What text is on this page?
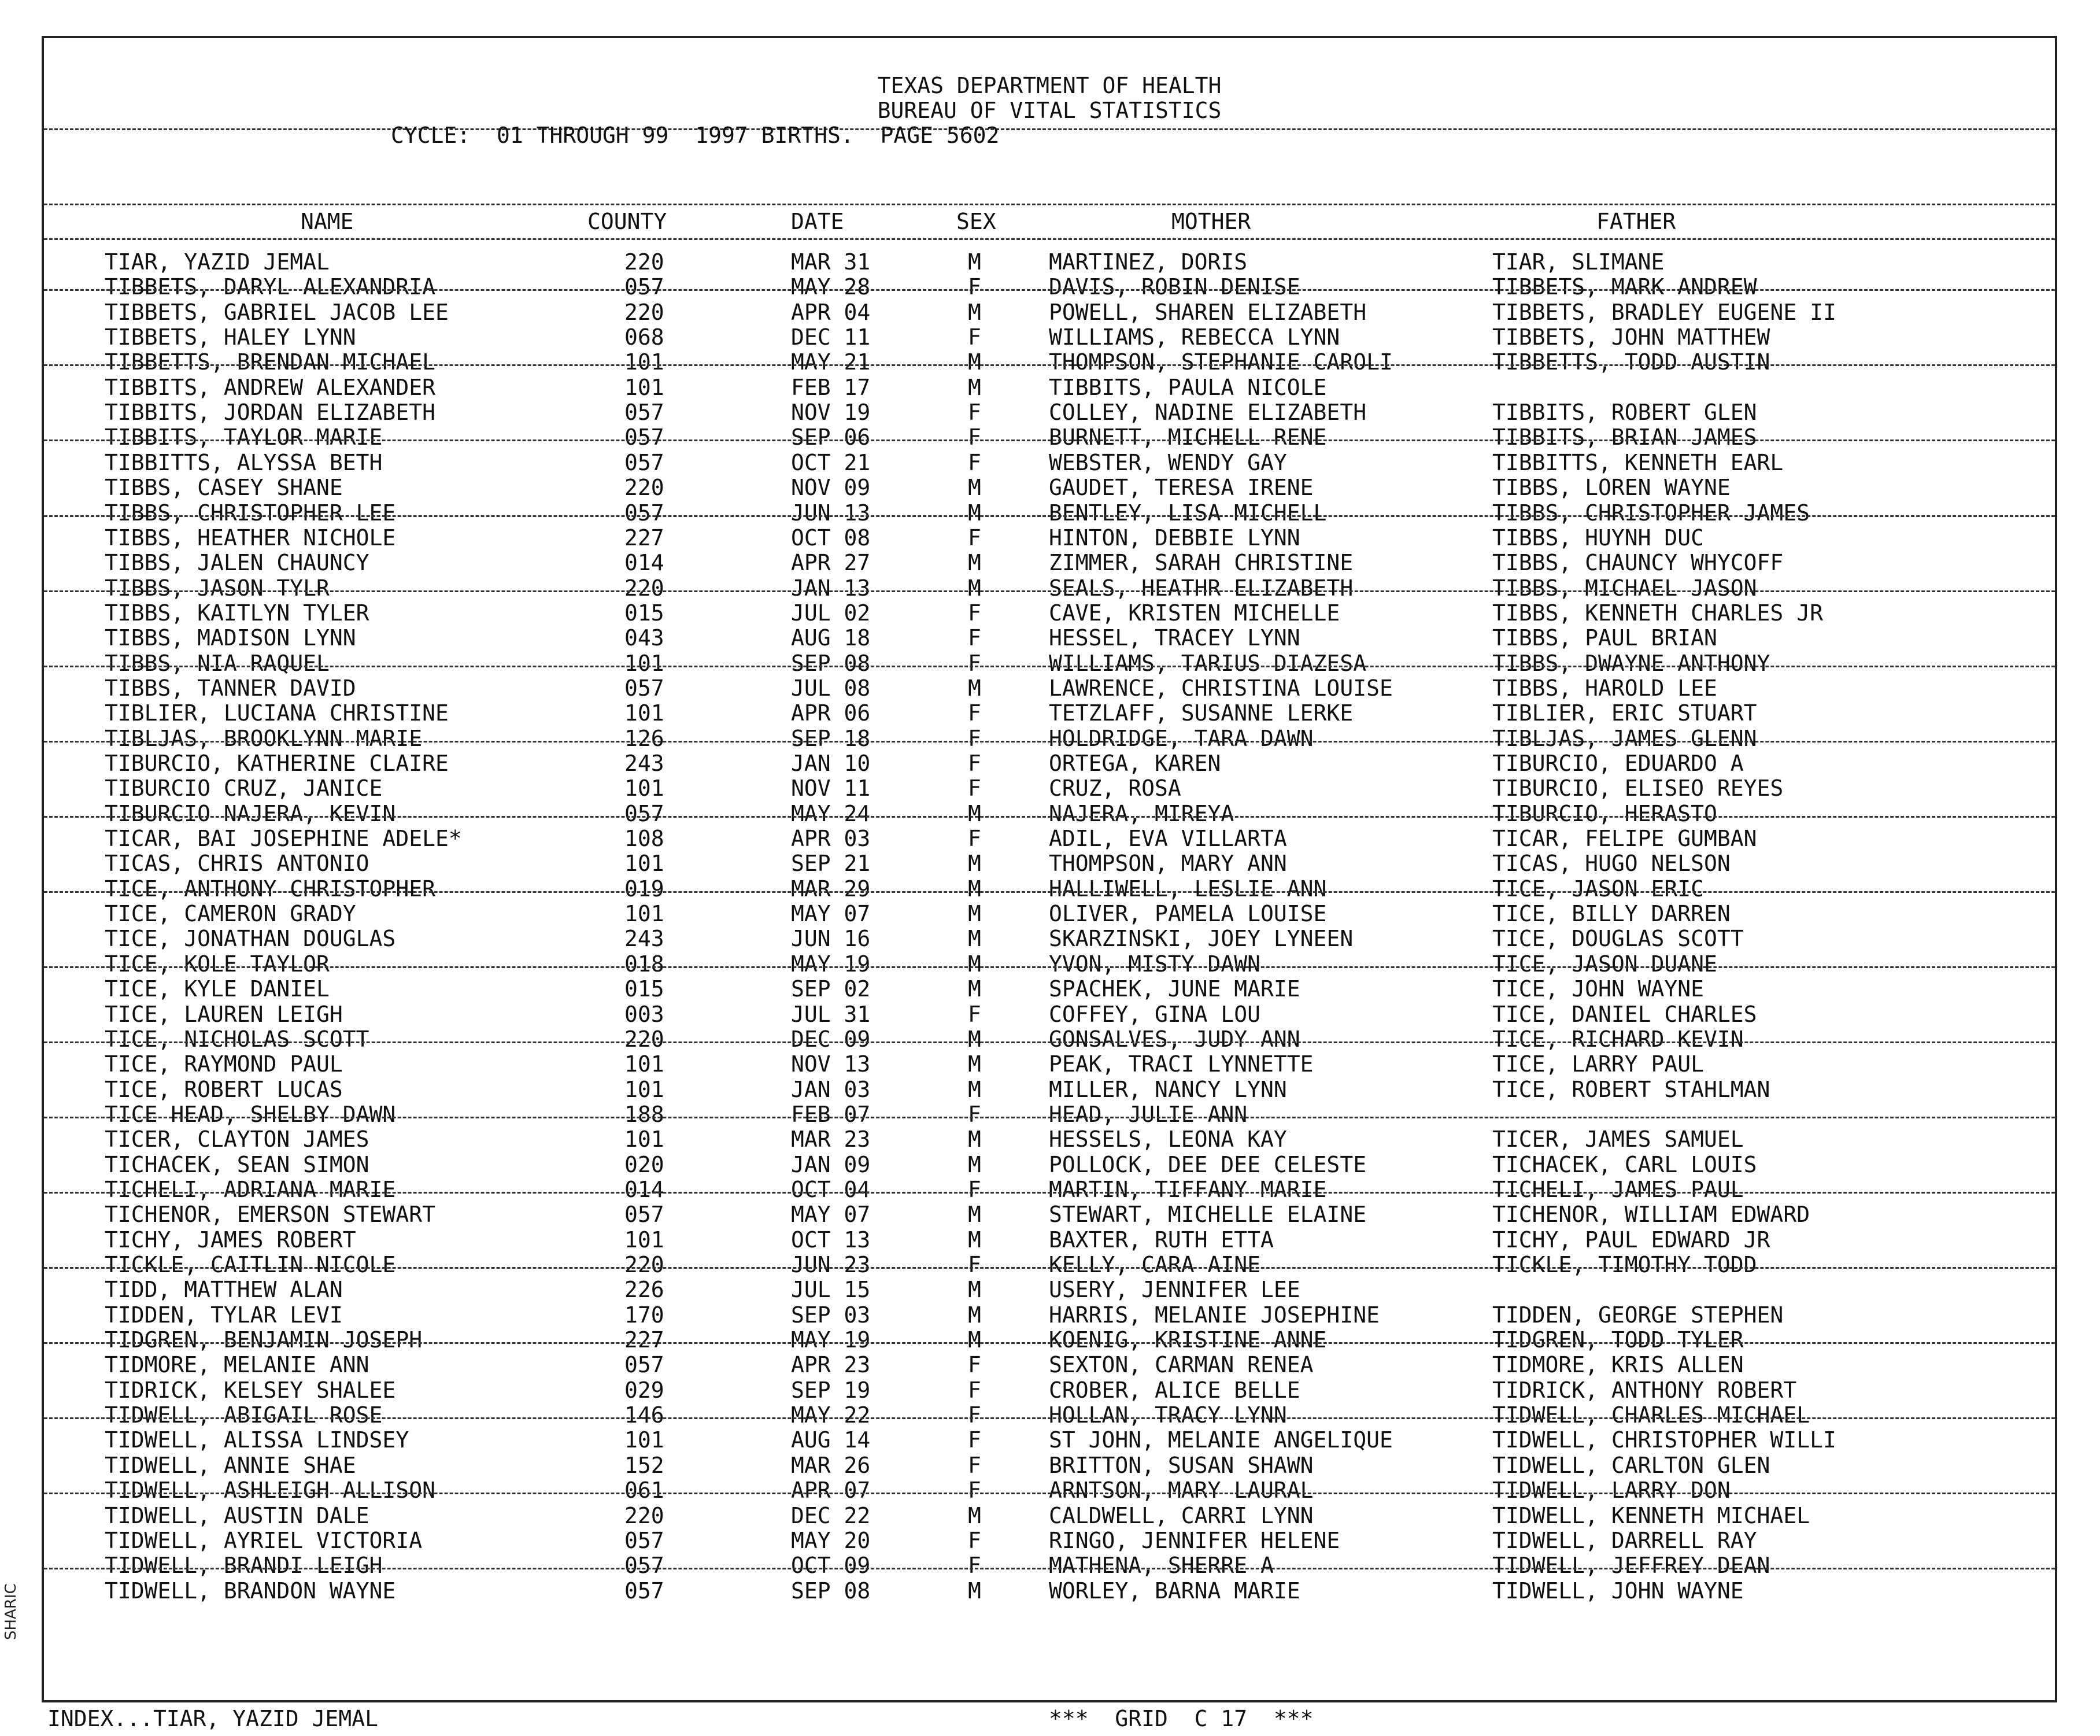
SHARIC
TEXAS DEPARTMENT OF HEALTH
BUREAU OF VITAL STATISTICS
CYCLE:  01 THROUGH 99  1997 BIRTHS.  PAGE 5602
NAME	COUNTY	DATE	SEX	MOTHER	FATHER
TIAR, YAZID JEMAL	220	MAR 31	M	MARTINEZ, DORIS	TIAR, SLIMANE
TIBBETS, DARYL ALEXANDRIA	057	MAY 28	F	DAVIS, ROBIN DENISE	TIBBETS, MARK ANDREW
TIBBETS, GABRIEL JACOB LEE	220	APR 04	M	POWELL, SHAREN ELIZABETH	TIBBETS, BRADLEY EUGENE II
TIBBETS, HALEY LYNN	068	DEC 11	F	WILLIAMS, REBECCA LYNN	TIBBETS, JOHN MATTHEW
TIBBETTS, BRENDAN MICHAEL	101	MAY 21	M	THOMPSON, STEPHANIE CAROLI	TIBBETTS, TODD AUSTIN
TIBBITS, ANDREW ALEXANDER	101	FEB 17	M	TIBBITS, PAULA NICOLE
TIBBITS, JORDAN ELIZABETH	057	NOV 19	F	COLLEY, NADINE ELIZABETH	TIBBITS, ROBERT GLEN
TIBBITS, TAYLOR MARIE	057	SEP 06	F	BURNETT, MICHELL RENE	TIBBITS, BRIAN JAMES
TIBBITTS, ALYSSA BETH	057	OCT 21	F	WEBSTER, WENDY GAY	TIBBITTS, KENNETH EARL
TIBBS, CASEY SHANE	220	NOV 09	M	GAUDET, TERESA IRENE	TIBBS, LOREN WAYNE
TIBBS, CHRISTOPHER LEE	057	JUN 13	M	BENTLEY, LISA MICHELL	TIBBS, CHRISTOPHER JAMES
TIBBS, HEATHER NICHOLE	227	OCT 08	F	HINTON, DEBBIE LYNN	TIBBS, HUYNH DUC
TIBBS, JALEN CHAUNCY	014	APR 27	M	ZIMMER, SARAH CHRISTINE	TIBBS, CHAUNCY WHYCOFF
TIBBS, JASON TYLR	220	JAN 13	M	SEALS, HEATHR ELIZABETH	TIBBS, MICHAEL JASON
TIBBS, KAITLYN TYLER	015	JUL 02	F	CAVE, KRISTEN MICHELLE	TIBBS, KENNETH CHARLES JR
TIBBS, MADISON LYNN	043	AUG 18	F	HESSEL, TRACEY LYNN	TIBBS, PAUL BRIAN
TIBBS, NIA RAQUEL	101	SEP 08	F	WILLIAMS, TARIUS DIAZESA	TIBBS, DWAYNE ANTHONY
TIBBS, TANNER DAVID	057	JUL 08	M	LAWRENCE, CHRISTINA LOUISE	TIBBS, HAROLD LEE
TIBLIER, LUCIANA CHRISTINE	101	APR 06	F	TETZLAFF, SUSANNE LERKE	TIBLIER, ERIC STUART
TIBLJAS, BROOKLYNN MARIE	126	SEP 18	F	HOLDRIDGE, TARA DAWN	TIBLJAS, JAMES GLENN
TIBURCIO, KATHERINE CLAIRE	243	JAN 10	F	ORTEGA, KAREN	TIBURCIO, EDUARDO A
TIBURCIO CRUZ, JANICE	101	NOV 11	F	CRUZ, ROSA	TIBURCIO, ELISEO REYES
TIBURCIO NAJERA, KEVIN	057	MAY 24	M	NAJERA, MIREYA	TIBURCIO, HERASTO
TICAR, BAI JOSEPHINE ADELE*	108	APR 03	F	ADIL, EVA VILLARTA	TICAR, FELIPE GUMBAN
TICAS, CHRIS ANTONIO	101	SEP 21	M	THOMPSON, MARY ANN	TICAS, HUGO NELSON
TICE, ANTHONY CHRISTOPHER	019	MAR 29	M	HALLIWELL, LESLIE ANN	TICE, JASON ERIC
TICE, CAMERON GRADY	101	MAY 07	M	OLIVER, PAMELA LOUISE	TICE, BILLY DARREN
TICE, JONATHAN DOUGLAS	243	JUN 16	M	SKARZINSKI, JOEY LYNEEN	TICE, DOUGLAS SCOTT
TICE, KOLE TAYLOR	018	MAY 19	M	YVON, MISTY DAWN	TICE, JASON DUANE
TICE, KYLE DANIEL	015	SEP 02	M	SPACHEK, JUNE MARIE	TICE, JOHN WAYNE
TICE, LAUREN LEIGH	003	JUL 31	F	COFFEY, GINA LOU	TICE, DANIEL CHARLES
TICE, NICHOLAS SCOTT	220	DEC 09	M	GONSALVES, JUDY ANN	TICE, RICHARD KEVIN
TICE, RAYMOND PAUL	101	NOV 13	M	PEAK, TRACI LYNNETTE	TICE, LARRY PAUL
TICE, ROBERT LUCAS	101	JAN 03	M	MILLER, NANCY LYNN	TICE, ROBERT STAHLMAN
TICE HEAD, SHELBY DAWN	188	FEB 07	F	HEAD, JULIE ANN
TICER, CLAYTON JAMES	101	MAR 23	M	HESSELS, LEONA KAY	TICER, JAMES SAMUEL
TICHACEK, SEAN SIMON	020	JAN 09	M	POLLOCK, DEE DEE CELESTE	TICHACEK, CARL LOUIS
TICHELI, ADRIANA MARIE	014	OCT 04	F	MARTIN, TIFFANY MARIE	TICHELI, JAMES PAUL
TICHENOR, EMERSON STEWART	057	MAY 07	M	STEWART, MICHELLE ELAINE	TICHENOR, WILLIAM EDWARD
TICHY, JAMES ROBERT	101	OCT 13	M	BAXTER, RUTH ETTA	TICHY, PAUL EDWARD JR
TICKLE, CAITLIN NICOLE	220	JUN 23	F	KELLY, CARA AINE	TICKLE, TIMOTHY TODD
TIDD, MATTHEW ALAN	226	JUL 15	M	USERY, JENNIFER LEE
TIDDEN, TYLAR LEVI	170	SEP 03	M	HARRIS, MELANIE JOSEPHINE	TIDDEN, GEORGE STEPHEN
TIDGREN, BENJAMIN JOSEPH	227	MAY 19	M	KOENIG, KRISTINE ANNE	TIDGREN, TODD TYLER
TIDMORE, MELANIE ANN	057	APR 23	F	SEXTON, CARMAN RENEA	TIDMORE, KRIS ALLEN
TIDRICK, KELSEY SHALEE	029	SEP 19	F	CROBER, ALICE BELLE	TIDRICK, ANTHONY ROBERT
TIDWELL, ABIGAIL ROSE	146	MAY 22	F	HOLLAN, TRACY LYNN	TIDWELL, CHARLES MICHAEL
TIDWELL, ALISSA LINDSEY	101	AUG 14	F	ST JOHN, MELANIE ANGELIQUE	TIDWELL, CHRISTOPHER WILLI
TIDWELL, ANNIE SHAE	152	MAR 26	F	BRITTON, SUSAN SHAWN	TIDWELL, CARLTON GLEN
TIDWELL, ASHLEIGH ALLISON	061	APR 07	F	ARNTSON, MARY LAURAL	TIDWELL, LARRY DON
TIDWELL, AUSTIN DALE	220	DEC 22	M	CALDWELL, CARRI LYNN	TIDWELL, KENNETH MICHAEL
TIDWELL, AYRIEL VICTORIA	057	MAY 20	F	RINGO, JENNIFER HELENE	TIDWELL, DARRELL RAY
TIDWELL, BRANDI LEIGH	057	OCT 09	F	MATHENA, SHERRE A	TIDWELL, JEFFREY DEAN
TIDWELL, BRANDON WAYNE	057	SEP 08	M	WORLEY, BARNA MARIE	TIDWELL, JOHN WAYNE
INDEX...TIAR, YAZID JEMAL	***  GRID  C 17  ***
